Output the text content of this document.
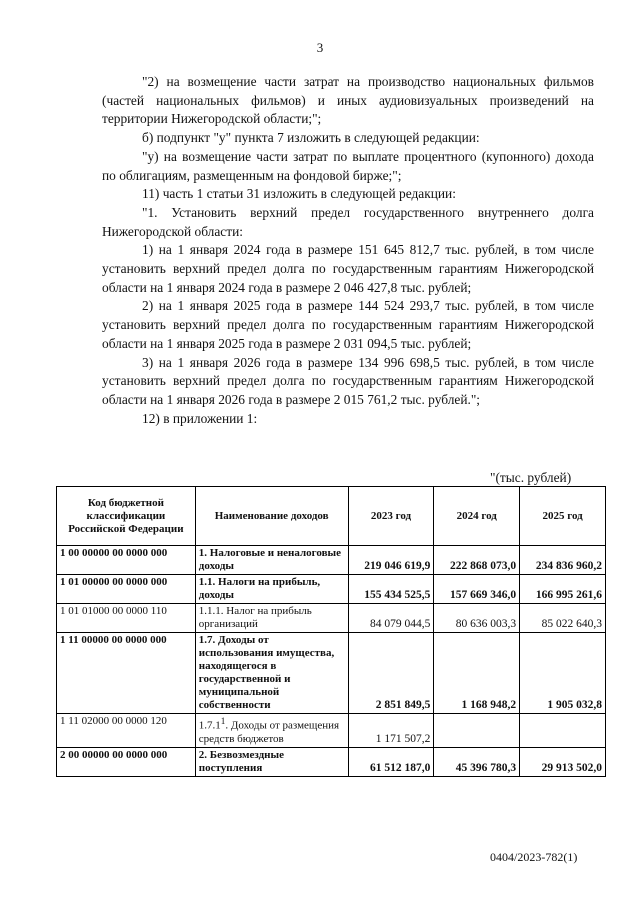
3

"2) на возмещение части затрат на производство национальных фильмов (частей национальных фильмов) и иных аудиовизуальных произведений на территории Нижегородской области;";

б) подпункт "у" пункта 7 изложить в следующей редакции:

"у) на возмещение части затрат по выплате процентного (купонного) дохода по облигациям, размещенным на фондовой бирже;";

11) часть 1 статьи 31 изложить в следующей редакции:

"1. Установить верхний предел государственного внутреннего долга Нижегородской области:

1) на 1 января 2024 года в размере 151 645 812,7 тыс. рублей, в том числе установить верхний предел долга по государственным гарантиям Нижегородской области на 1 января 2024 года в размере 2 046 427,8 тыс. рублей;

2) на 1 января 2025 года в размере 144 524 293,7 тыс. рублей, в том числе установить верхний предел долга по государственным гарантиям Нижегородской области на 1 января 2025 года в размере 2 031 094,5 тыс. рублей;

3) на 1 января 2026 года в размере 134 996 698,5 тыс. рублей, в том числе установить верхний предел долга по государственным гарантиям Нижегородской области на 1 января 2026 года в размере 2 015 761,2 тыс. рублей.";

12) в приложении 1:

"(тыс. рублей)
Код бюджетной классификации Российской Федерации	Наименование доходов	2023 год	2024 год	2025 год
1 00 00000 00 0000 000	1. Налоговые и неналоговые доходы	219 046 619,9	222 868 073,0	234 836 960,2
1 01 00000 00 0000 000	1.1. Налоги на прибыль, доходы	155 434 525,5	157 669 346,0	166 995 261,6
1 01 01000 00 0000 110	1.1.1. Налог на прибыль организаций	84 079 044,5	80 636 003,3	85 022 640,3
1 11 00000 00 0000 000	1.7. Доходы от использования имущества, находящегося в государственной и муниципальной собственности	2 851 849,5	1 168 948,2	1 905 032,8
1 11 02000 00 0000 120	1.7.1$^1$. Доходы от размещения средств бюджетов	1 171 507,2		
2 00 00000 00 0000 000	2. Безвозмездные поступления	61 512 187,0	45 396 780,3	29 913 502,0
0404/2023-782(1)
